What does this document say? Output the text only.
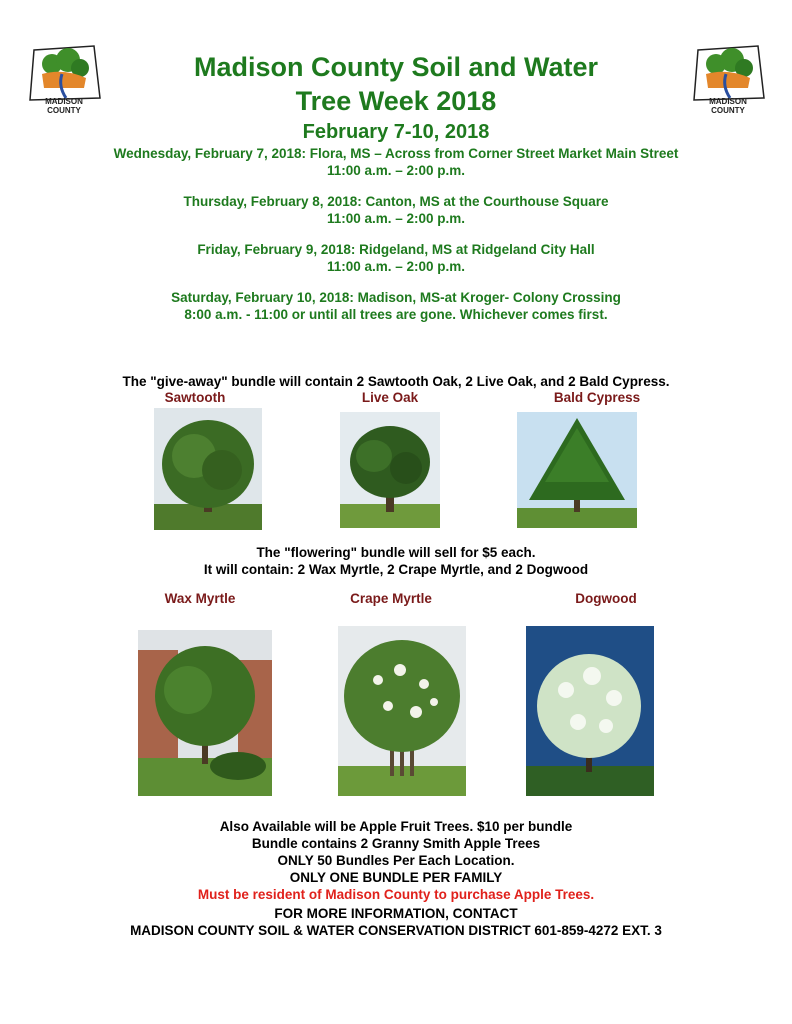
MADISON
COUNTY
MADISON
COUNTY
Madison County Soil and Water
Tree Week 2018
February 7-10, 2018
Wednesday, February 7, 2018: Flora, MS – Across from Corner Street Market Main Street
11:00 a.m. – 2:00 p.m.
Thursday, February 8, 2018: Canton, MS at the Courthouse Square
11:00 a.m. – 2:00 p.m.
Friday, February 9, 2018: Ridgeland, MS at Ridgeland City Hall
11:00 a.m. – 2:00 p.m.
Saturday, February 10, 2018: Madison, MS-at Kroger- Colony Crossing
8:00 a.m. - 11:00 or until all trees are gone. Whichever comes first.
The "give-away" bundle will contain 2 Sawtooth Oak, 2 Live Oak, and 2 Bald Cypress.
Sawtooth	Live Oak	Bald Cypress
The "flowering" bundle will sell for $5 each.
It will contain: 2 Wax Myrtle, 2 Crape Myrtle, and 2 Dogwood
Wax Myrtle	Crape Myrtle	Dogwood
Also Available will be Apple Fruit Trees. $10 per bundle
Bundle contains 2 Granny Smith Apple Trees
ONLY 50 Bundles Per Each Location.
ONLY ONE BUNDLE PER FAMILY
Must be resident of Madison County to purchase Apple Trees.
FOR MORE INFORMATION, CONTACT
MADISON COUNTY SOIL & WATER CONSERVATION DISTRICT 601-859-4272 EXT. 3
